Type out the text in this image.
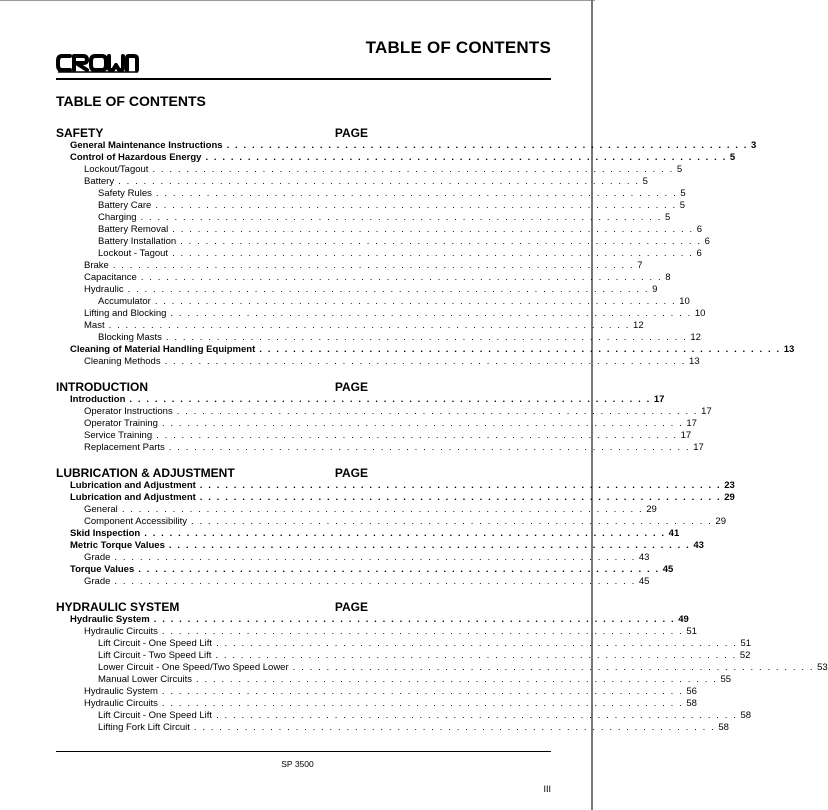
TABLE OF CONTENTS
TABLE OF CONTENTS
SAFETY	PAGE
General Maintenance Instructions . . . . . . . . . . . . . . . . . . . . . . . . . . . . . . . . . . . . . . . . . . . . . . . . . . . . . . . . . . . . . . 3
Control of Hazardous Energy . . . . . . . . . . . . . . . . . . . . . . . . . . . . . . . . . . . . . . . . . . . . . . . . . . . . . . . . . . . . . . 5
Lockout/Tagout . . . . . . . . . . . . . . . . . . . . . . . . . . . . . . . . . . . . . . . . . . . . . . . . . . . . . . . . . . . . . . 5
Battery . . . . . . . . . . . . . . . . . . . . . . . . . . . . . . . . . . . . . . . . . . . . . . . . . . . . . . . . . . . . . . 5
Safety Rules . . . . . . . . . . . . . . . . . . . . . . . . . . . . . . . . . . . . . . . . . . . . . . . . . . . . . . . . . . . . . . 5
Battery Care . . . . . . . . . . . . . . . . . . . . . . . . . . . . . . . . . . . . . . . . . . . . . . . . . . . . . . . . . . . . . . 5
Charging . . . . . . . . . . . . . . . . . . . . . . . . . . . . . . . . . . . . . . . . . . . . . . . . . . . . . . . . . . . . . . 5
Battery Removal . . . . . . . . . . . . . . . . . . . . . . . . . . . . . . . . . . . . . . . . . . . . . . . . . . . . . . . . . . . . . . 6
Battery Installation . . . . . . . . . . . . . . . . . . . . . . . . . . . . . . . . . . . . . . . . . . . . . . . . . . . . . . . . . . . . . . 6
Lockout - Tagout . . . . . . . . . . . . . . . . . . . . . . . . . . . . . . . . . . . . . . . . . . . . . . . . . . . . . . . . . . . . . . 6
Brake . . . . . . . . . . . . . . . . . . . . . . . . . . . . . . . . . . . . . . . . . . . . . . . . . . . . . . . . . . . . . . 7
Capacitance . . . . . . . . . . . . . . . . . . . . . . . . . . . . . . . . . . . . . . . . . . . . . . . . . . . . . . . . . . . . . . 8
Hydraulic . . . . . . . . . . . . . . . . . . . . . . . . . . . . . . . . . . . . . . . . . . . . . . . . . . . . . . . . . . . . . . 9
Accumulator . . . . . . . . . . . . . . . . . . . . . . . . . . . . . . . . . . . . . . . . . . . . . . . . . . . . . . . . . . . . . . 10
Lifting and Blocking . . . . . . . . . . . . . . . . . . . . . . . . . . . . . . . . . . . . . . . . . . . . . . . . . . . . . . . . . . . . . . 10
Mast . . . . . . . . . . . . . . . . . . . . . . . . . . . . . . . . . . . . . . . . . . . . . . . . . . . . . . . . . . . . . . 12
Blocking Masts . . . . . . . . . . . . . . . . . . . . . . . . . . . . . . . . . . . . . . . . . . . . . . . . . . . . . . . . . . . . . . 12
Cleaning of Material Handling Equipment . . . . . . . . . . . . . . . . . . . . . . . . . . . . . . . . . . . . . . . . . . . . . . . . . . . . . . . . . . . . . . 13
Cleaning Methods . . . . . . . . . . . . . . . . . . . . . . . . . . . . . . . . . . . . . . . . . . . . . . . . . . . . . . . . . . . . . . 13
INTRODUCTION	PAGE
Introduction . . . . . . . . . . . . . . . . . . . . . . . . . . . . . . . . . . . . . . . . . . . . . . . . . . . . . . . . . . . . . . 17
Operator Instructions . . . . . . . . . . . . . . . . . . . . . . . . . . . . . . . . . . . . . . . . . . . . . . . . . . . . . . . . . . . . . . 17
Operator Training . . . . . . . . . . . . . . . . . . . . . . . . . . . . . . . . . . . . . . . . . . . . . . . . . . . . . . . . . . . . . . 17
Service Training . . . . . . . . . . . . . . . . . . . . . . . . . . . . . . . . . . . . . . . . . . . . . . . . . . . . . . . . . . . . . . 17
Replacement Parts . . . . . . . . . . . . . . . . . . . . . . . . . . . . . . . . . . . . . . . . . . . . . . . . . . . . . . . . . . . . . . 17
LUBRICATION & ADJUSTMENT	PAGE
Lubrication and Adjustment . . . . . . . . . . . . . . . . . . . . . . . . . . . . . . . . . . . . . . . . . . . . . . . . . . . . . . . . . . . . . . 23
Lubrication and Adjustment . . . . . . . . . . . . . . . . . . . . . . . . . . . . . . . . . . . . . . . . . . . . . . . . . . . . . . . . . . . . . . 29
General . . . . . . . . . . . . . . . . . . . . . . . . . . . . . . . . . . . . . . . . . . . . . . . . . . . . . . . . . . . . . . 29
Component Accessibility . . . . . . . . . . . . . . . . . . . . . . . . . . . . . . . . . . . . . . . . . . . . . . . . . . . . . . . . . . . . . . 29
Skid Inspection . . . . . . . . . . . . . . . . . . . . . . . . . . . . . . . . . . . . . . . . . . . . . . . . . . . . . . . . . . . . . . 41
Metric Torque Values . . . . . . . . . . . . . . . . . . . . . . . . . . . . . . . . . . . . . . . . . . . . . . . . . . . . . . . . . . . . . . 43
Grade . . . . . . . . . . . . . . . . . . . . . . . . . . . . . . . . . . . . . . . . . . . . . . . . . . . . . . . . . . . . . . 43
Torque Values . . . . . . . . . . . . . . . . . . . . . . . . . . . . . . . . . . . . . . . . . . . . . . . . . . . . . . . . . . . . . . 45
Grade . . . . . . . . . . . . . . . . . . . . . . . . . . . . . . . . . . . . . . . . . . . . . . . . . . . . . . . . . . . . . . 45
HYDRAULIC SYSTEM	PAGE
Hydraulic System . . . . . . . . . . . . . . . . . . . . . . . . . . . . . . . . . . . . . . . . . . . . . . . . . . . . . . . . . . . . . . 49
Hydraulic Circuits . . . . . . . . . . . . . . . . . . . . . . . . . . . . . . . . . . . . . . . . . . . . . . . . . . . . . . . . . . . . . . 51
Lift Circuit - One Speed Lift . . . . . . . . . . . . . . . . . . . . . . . . . . . . . . . . . . . . . . . . . . . . . . . . . . . . . . . . . . . . . . 51
Lift Circuit - Two Speed Lift . . . . . . . . . . . . . . . . . . . . . . . . . . . . . . . . . . . . . . . . . . . . . . . . . . . . . . . . . . . . . . 52
Lower Circuit - One Speed/Two Speed Lower . . . . . . . . . . . . . . . . . . . . . . . . . . . . . . . . . . . . . . . . . . . . . . . . . . . . . . . . . . . . . . 53
Manual Lower Circuits . . . . . . . . . . . . . . . . . . . . . . . . . . . . . . . . . . . . . . . . . . . . . . . . . . . . . . . . . . . . . . 55
Hydraulic System . . . . . . . . . . . . . . . . . . . . . . . . . . . . . . . . . . . . . . . . . . . . . . . . . . . . . . . . . . . . . . 56
Hydraulic Circuits . . . . . . . . . . . . . . . . . . . . . . . . . . . . . . . . . . . . . . . . . . . . . . . . . . . . . . . . . . . . . . 58
Lift Circuit - One Speed Lift . . . . . . . . . . . . . . . . . . . . . . . . . . . . . . . . . . . . . . . . . . . . . . . . . . . . . . . . . . . . . . 58
Lifting Fork Lift Circuit . . . . . . . . . . . . . . . . . . . . . . . . . . . . . . . . . . . . . . . . . . . . . . . . . . . . . . . . . . . . . . 58
SP 3500
III
